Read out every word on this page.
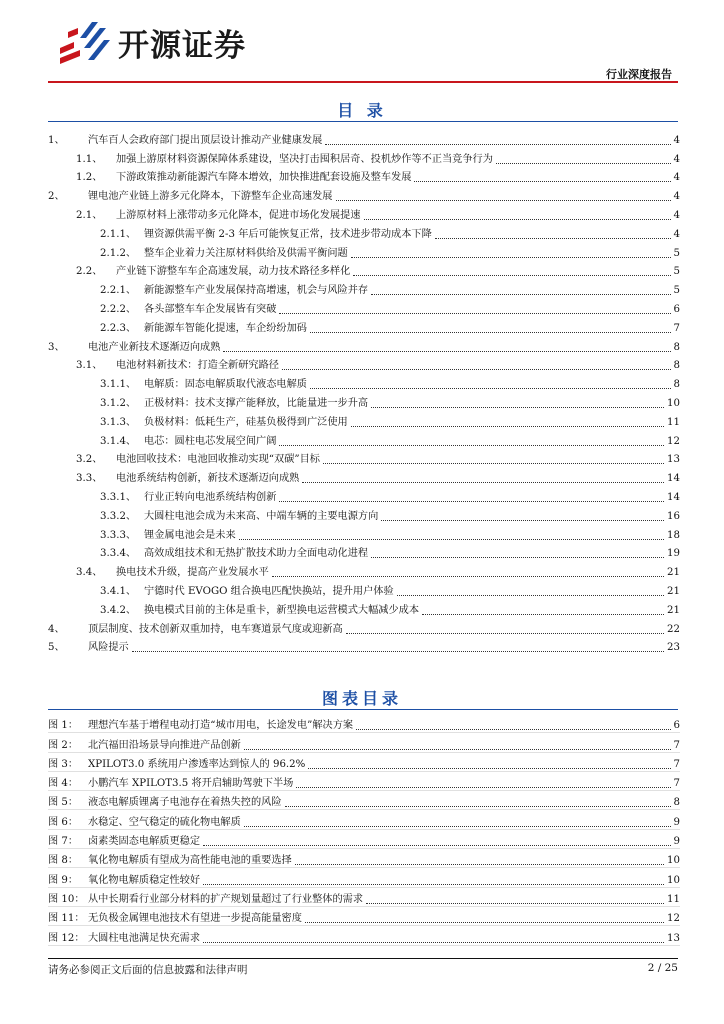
开源证券
行业深度报告
目 录
1、	汽车百人会政府部门提出顶层设计推动产业健康发展	4
1.1、	加强上游原材料资源保障体系建设，坚决打击囤积居奇、投机炒作等不正当竞争行为	4
1.2、	下游政策推动新能源汽车降本增效，加快推进配套设施及整车发展	4
2、	锂电池产业链上游多元化降本，下游整车企业高速发展	4
2.1、	上游原材料上涨带动多元化降本，促进市场化发展提速	4
2.1.1、 锂资源供需平衡 2-3 年后可能恢复正常，技术进步带动成本下降	4
2.1.2、 整车企业着力关注原材料供给及供需平衡问题	5
2.2、	产业链下游整车车企高速发展，动力技术路径多样化	5
2.2.1、 新能源整车产业发展保持高增速，机会与风险并存	5
2.2.2、 各头部整车车企发展皆有突破	6
2.2.3、 新能源车智能化提速，车企纷纷加码	7
3、	电池产业新技术逐渐迈向成熟	8
3.1、	电池材料新技术：打造全新研究路径	8
3.1.1、 电解质：固态电解质取代液态电解质	8
3.1.2、 正极材料：技术支撑产能释放，比能量进一步升高	10
3.1.3、 负极材料：低耗生产，硅基负极得到广泛使用	11
3.1.4、 电芯：圆柱电芯发展空间广阔	12
3.2、	电池回收技术：电池回收推动实现“双碳”目标	13
3.3、	电池系统结构创新，新技术逐渐迈向成熟	14
3.3.1、 行业正转向电池系统结构创新	14
3.3.2、 大圆柱电池会成为未来高、中端车辆的主要电源方向	16
3.3.3、 锂金属电池会是未来	18
3.3.4、 高效成组技术和无热扩散技术助力全面电动化进程	19
3.4、	换电技术升级，提高产业发展水平	21
3.4.1、 宁德时代 EVOGO 组合换电匹配快换站，提升用户体验	21
3.4.2、 换电模式目前的主体是重卡，新型换电运营模式大幅减少成本	21
4、	顶层制度、技术创新双重加持，电车赛道景气度或迎新高	22
5、	风险提示	23
图表目录
图 1： 理想汽车基于增程电动打造“城市用电，长途发电”解决方案	6
图 2： 北汽福田沿场景导向推进产品创新	7
图 3： XPILOT3.0 系统用户渗透率达到惊人的 96.2%	7
图 4： 小鹏汽车 XPILOT3.5 将开启辅助驾驶下半场	7
图 5： 液态电解质锂离子电池存在着热失控的风险	8
图 6： 水稳定、空气稳定的硫化物电解质	9
图 7： 卤素类固态电解质更稳定	9
图 8： 氧化物电解质有望成为高性能电池的重要选择	10
图 9： 氧化物电解质稳定性较好	10
图 10： 从中长期看行业部分材料的扩产规划量超过了行业整体的需求	11
图 11： 无负极金属锂电池技术有望进一步提高能量密度	12
图 12： 大圆柱电池满足快充需求	13
请务必参阅正文后面的信息披露和法律声明	2 / 25
